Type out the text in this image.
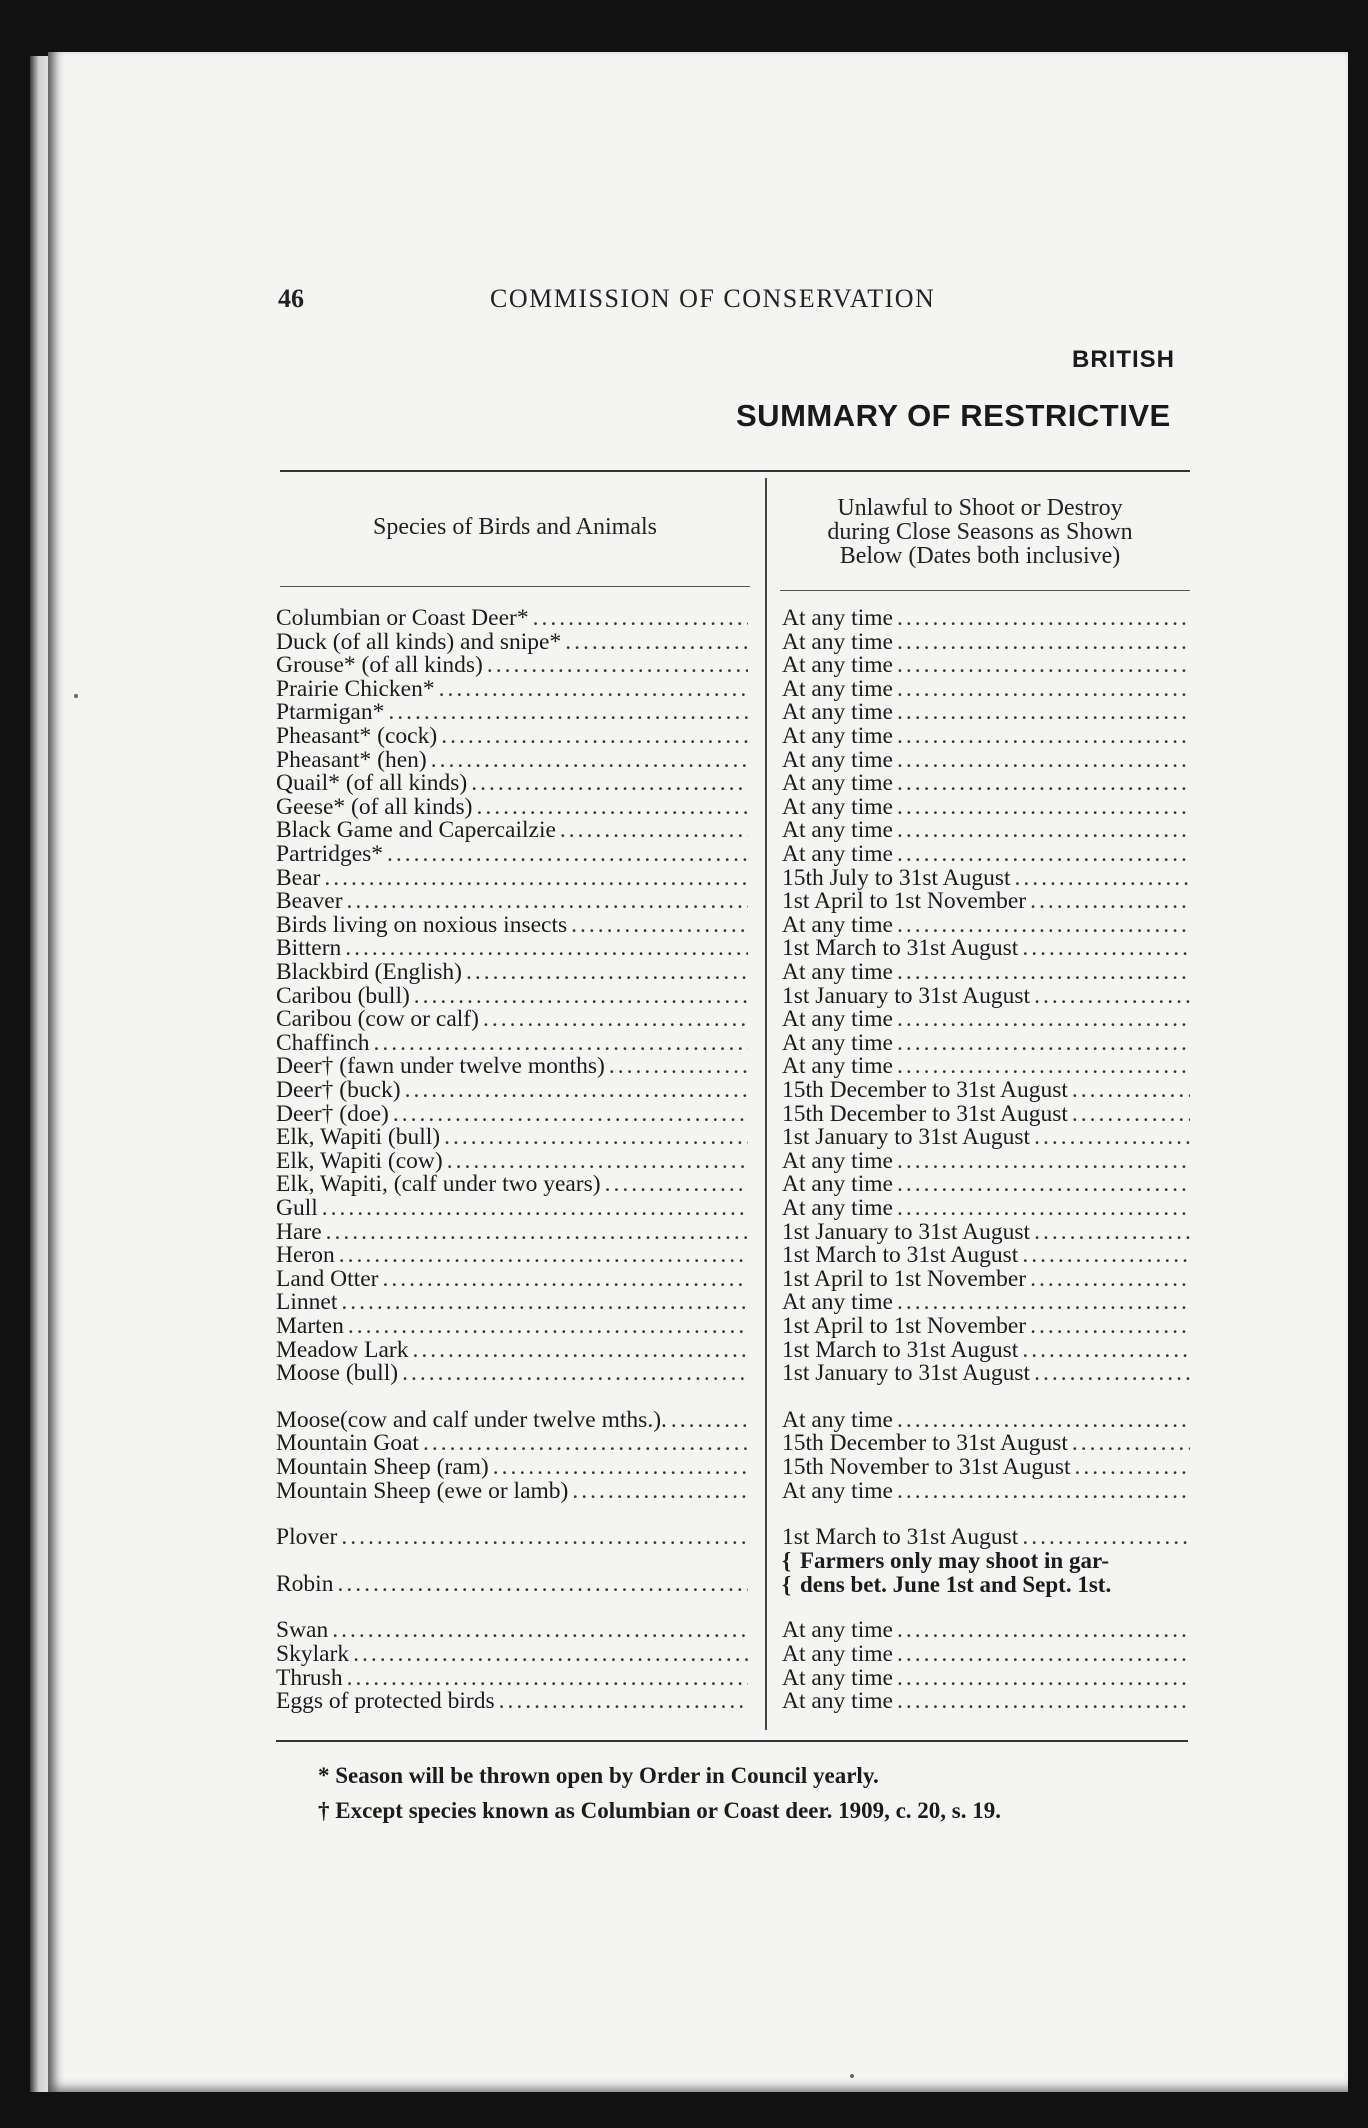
46	COMMISSION OF CONSERVATION
BRITISH
SUMMARY OF RESTRICTIVE
Species of Birds and Animals
Unlawful to Shoot or Destroy
during Close Seasons as Shown
Below (Dates both inclusive)
Columbian or Coast Deer*
.....
Duck (of all kinds) and snipe*
.....
Grouse* (of all kinds)
.....
Prairie Chicken*
.....
Ptarmigan*
.....
Pheasant* (cock)
.....
Pheasant* (hen)
.....
Quail* (of all kinds)
.....
Geese* (of all kinds)
.....
Black Game and Capercailzie
.....
Partridges*
.....
Bear
.....
Beaver
.....
Birds living on noxious insects
.....
Bittern
.....
Blackbird (English)
.....
Caribou (bull)
.....
Caribou (cow or calf)
.....
Chaffinch
.....
Deer† (fawn under twelve months)
.....
Deer† (buck)
.....
Deer† (doe)
.....
Elk, Wapiti (bull)
.....
Elk, Wapiti (cow)
.....
Elk, Wapiti, (calf under two years)
.....
Gull
.....
Hare
.....
Heron
.....
Land Otter
.....
Linnet
.....
Marten
.....
Meadow Lark
.....
Moose (bull)
.....
Moose(cow and calf under twelve mths.).
.....
Mountain Goat
.....
Mountain Sheep (ram)
.....
Mountain Sheep (ewe or lamb)
.....
Plover
.....
Robin
.....
Swan
.....
Skylark
.....
Thrush
.....
Eggs of protected birds
.....
At any time
.....
At any time
.....
At any time
.....
At any time
.....
At any time
.....
At any time
.....
At any time
.....
At any time
.....
At any time
.....
At any time
.....
At any time
.....
15th July to 31st August
.....
1st April to 1st November
.....
At any time
.....
1st March to 31st August
.....
At any time
.....
1st January to 31st August
.....
At any time
.....
At any time
.....
At any time
.....
15th December to 31st August
.....
15th December to 31st August
.....
1st January to 31st August
.....
At any time
.....
At any time
.....
At any time
.....
1st January to 31st August
.....
1st March to 31st August
.....
1st April to 1st November
.....
At any time
.....
1st April to 1st November
.....
1st March to 31st August
.....
1st January to 31st August
.....
At any time
.....
15th December to 31st August
.....
15th November to 31st August
.....
At any time
.....
1st March to 31st August
.....
{ Farmers only may shoot in gar-
{ dens bet. June 1st and Sept. 1st.
At any time
.....
At any time
.....
At any time
.....
At any time
.....
* Season will be thrown open by Order in Council yearly.
† Except species known as Columbian or Coast deer. 1909, c. 20, s. 19.
